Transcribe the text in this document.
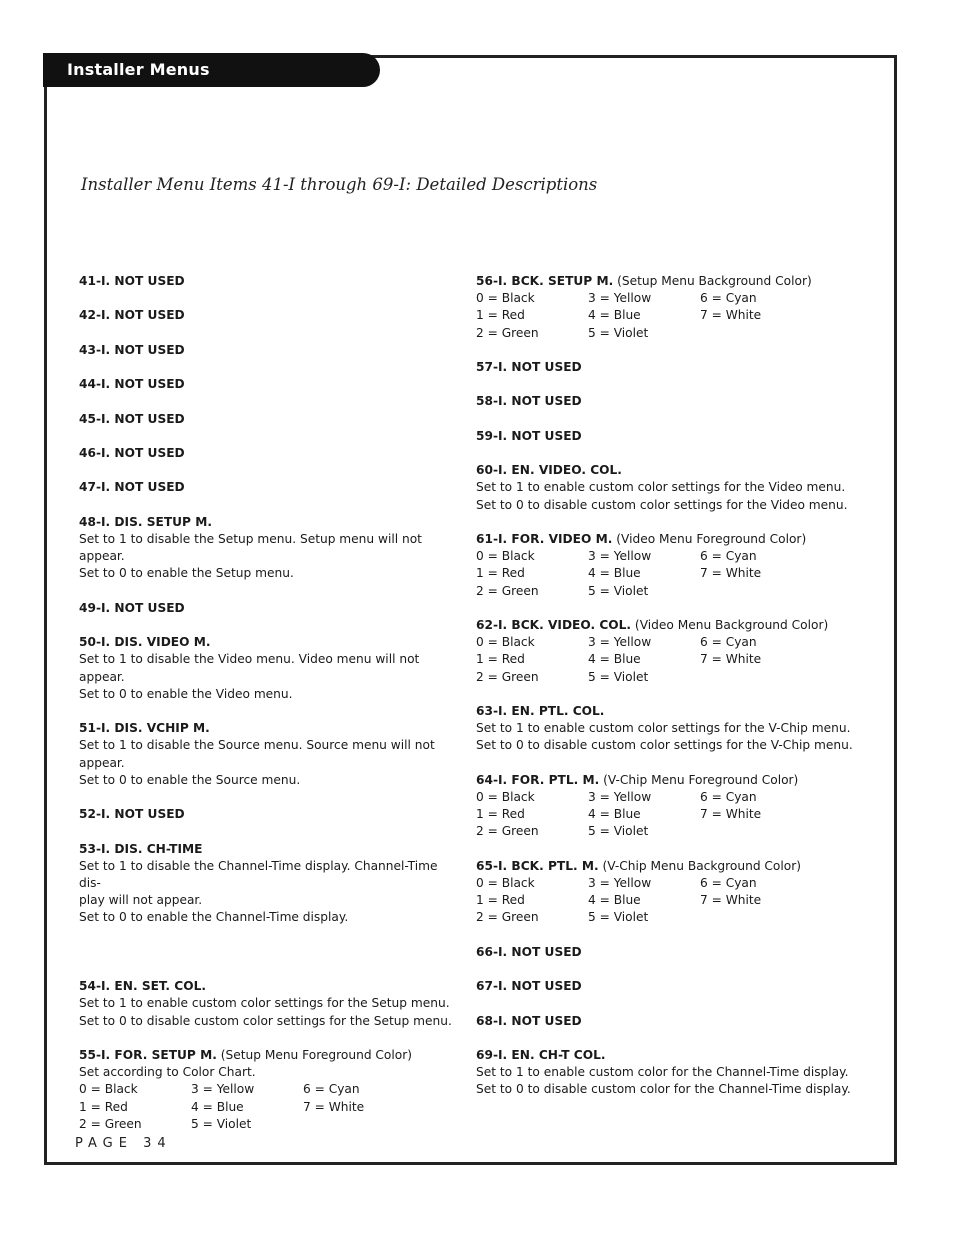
Installer Menus
Installer Menu Items 41-I through 69-I: Detailed Descriptions
41-I. NOT USED
42-I. NOT USED
43-I. NOT USED
44-I. NOT USED
45-I. NOT USED
46-I. NOT USED
47-I. NOT USED
48-I. DIS. SETUP M.
Set to 1 to disable the Setup menu. Setup menu will not appear.
Set to 0 to enable the Setup menu.
49-I. NOT USED
50-I. DIS. VIDEO M.
Set to 1 to disable the Video menu. Video menu will not appear.
Set to 0 to enable the Video menu.
51-I. DIS. VCHIP M.
Set to 1 to disable the Source menu. Source menu will not
appear.
Set to 0 to enable the Source menu.
52-I. NOT USED
53-I. DIS. CH-TIME
Set to 1 to disable the Channel-Time display. Channel-Time dis-
play will not appear.
Set to 0 to enable the Channel-Time display.
54-I. EN. SET. COL.
Set to 1 to enable custom color settings for the Setup menu.
Set to 0 to disable custom color settings for the Setup menu.
55-I. FOR. SETUP M. (Setup Menu Foreground Color)
Set according to Color Chart.
0 = Black	3 = Yellow	6 = Cyan
1 = Red	4 = Blue	7 = White
2 = Green	5 = Violet
56-I. BCK. SETUP M. (Setup Menu Background Color)
0 = Black	3 = Yellow	6 = Cyan
1 = Red	4 = Blue	7 = White
2 = Green	5 = Violet
57-I. NOT USED
58-I. NOT USED
59-I. NOT USED
60-I. EN. VIDEO. COL.
Set to 1 to enable custom color settings for the Video menu.
Set to 0 to disable custom color settings for the Video menu.
61-I. FOR. VIDEO M. (Video Menu Foreground Color)
0 = Black	3 = Yellow	6 = Cyan
1 = Red	4 = Blue	7 = White
2 = Green	5 = Violet
62-I. BCK. VIDEO. COL. (Video Menu Background Color)
0 = Black	3 = Yellow	6 = Cyan
1 = Red	4 = Blue	7 = White
2 = Green	5 = Violet
63-I. EN. PTL. COL.
Set to 1 to enable custom color settings for the V-Chip menu.
Set to 0 to disable custom color settings for the V-Chip menu.
64-I. FOR. PTL. M. (V-Chip Menu Foreground Color)
0 = Black	3 = Yellow	6 = Cyan
1 = Red	4 = Blue	7 = White
2 = Green	5 = Violet
65-I. BCK. PTL. M. (V-Chip Menu Background Color)
0 = Black	3 = Yellow	6 = Cyan
1 = Red	4 = Blue	7 = White
2 = Green	5 = Violet
66-I. NOT USED
67-I. NOT USED
68-I. NOT USED
69-I. EN. CH-T COL.
Set to 1 to enable custom color for the Channel-Time display.
Set to 0 to disable custom color for the Channel-Time display.
PAGE 34
